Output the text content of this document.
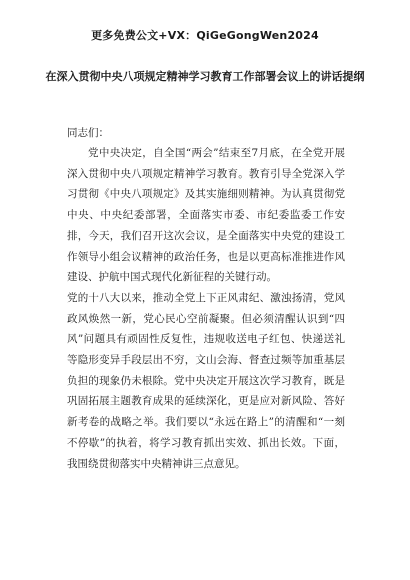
更多免费公文+VX：QiGeGongWen2024
在深入贯彻中央八项规定精神学习教育工作部署会议上的讲话提纲
同志们：

党中央决定，自全国“两会”结束至7月底，在全党开展深入贯彻中央八项规定精神学习教育。教育引导全党深入学习贯彻《中央八项规定》及其实施细则精神。为认真贯彻党中央、中央纪委部署，全面落实市委、市纪委监委工作安排，今天，我们召开这次会议，是全面落实中央党的建设工作领导小组会议精神的政治任务，也是以更高标准推进作风建设、护航中国式现代化新征程的关键行动。

党的十八大以来，推动全党上下正风肃纪、激浊扬清，党风政风焕然一新，党心民心空前凝聚。但必须清醒认识到“四风”问题具有顽固性反复性，违规收送电子红包、快递送礼等隐形变异手段层出不穷，文山会海、督查过频等加重基层负担的现象仍未根除。党中央决定开展这次学习教育，既是巩固拓展主题教育成果的延续深化，更是应对新风险、答好新考卷的战略之举。我们要以“永远在路上”的清醒和“一刻不停歇”的执着，将学习教育抓出实效、抓出长效。下面，我围绕贯彻落实中央精神讲三点意见。
